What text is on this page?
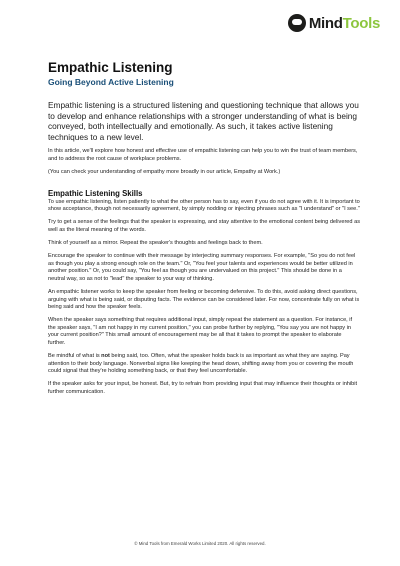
MindTools
Empathic Listening
Going Beyond Active Listening

Empathic listening is a structured listening and questioning technique that allows you to develop and enhance relationships with a stronger understanding of what is being conveyed, both intellectually and emotionally. As such, it takes active listening techniques to a new level.

In this article, we'll explore how honest and effective use of empathic listening can help you to win the trust of team members, and to address the root cause of workplace problems.

(You can check your understanding of empathy more broadly in our article, Empathy at Work.)

Empathic Listening Skills

To use empathic listening, listen patiently to what the other person has to say, even if you do not agree with it. It is important to show acceptance, though not necessarily agreement, by simply nodding or injecting phrases such as "I understand" or "I see."

Try to get a sense of the feelings that the speaker is expressing, and stay attentive to the emotional content being delivered as well as the literal meaning of the words.

Think of yourself as a mirror. Repeat the speaker's thoughts and feelings back to them.

Encourage the speaker to continue with their message by interjecting summary responses. For example, "So you do not feel as though you play a strong enough role on the team." Or, "You feel your talents and experiences would be better utilized in another position." Or, you could say, "You feel as though you are undervalued on this project." This should be done in a neutral way, so as not to "lead" the speaker to your way of thinking.

An empathic listener works to keep the speaker from feeling or becoming defensive. To do this, avoid asking direct questions, arguing with what is being said, or disputing facts. The evidence can be considered later. For now, concentrate fully on what is being said and how the speaker feels.

When the speaker says something that requires additional input, simply repeat the statement as a question. For instance, if the speaker says, "I am not happy in my current position," you can probe further by replying, "You say you are not happy in your current position?" This small amount of encouragement may be all that it takes to prompt the speaker to elaborate further.

Be mindful of what is not being said, too. Often, what the speaker holds back is as important as what they are saying. Pay attention to their body language. Nonverbal signs like keeping the head down, shifting away from you or covering the mouth could signal that they're holding something back, or that they feel uncomfortable.

If the speaker asks for your input, be honest. But, try to refrain from providing input that may influence their thoughts or inhibit further communication.

© Mind Tools from Emerald Works Limited 2020. All rights reserved.
